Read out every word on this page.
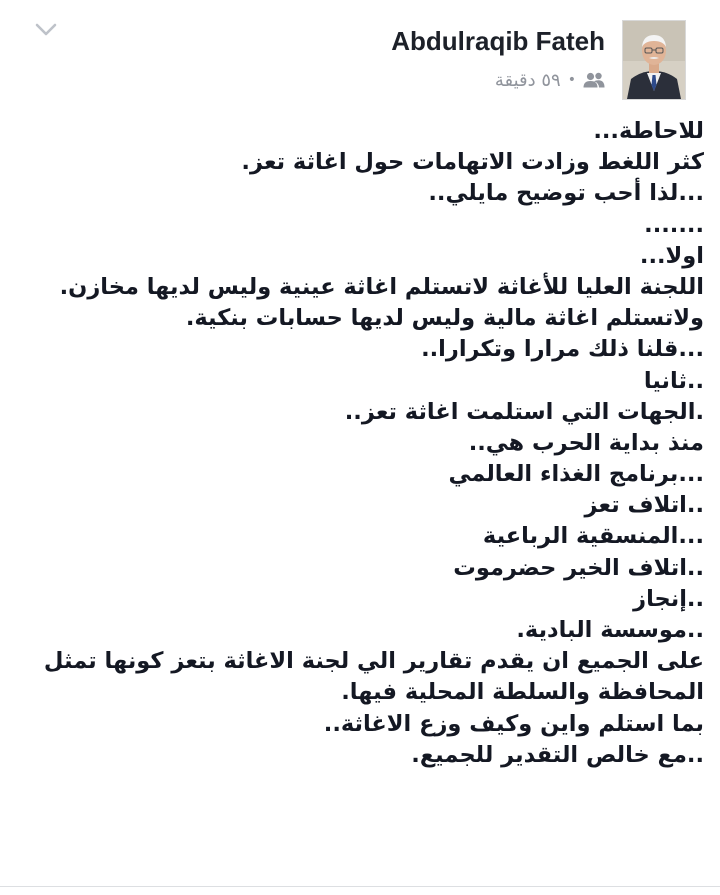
Abdulraqib Fateh
٥٩ دقيقة •
للاحاطة...
كثر اللغط وزادت الاتهامات حول اغاثة تعز.
...لذا أحب توضيح مايلي..
.......
اولا...
اللجنة العليا للأغاثة لاتستلم اغاثة عينية وليس لديها مخازن.
ولاتستلم اغاثة مالية وليس لديها حسابات بنكية.
...قلنا ذلك مرارا وتكرارا..
..ثانيا
.الجهات التي استلمت اغاثة تعز..
منذ بداية الحرب هي..
...برنامج الغذاء العالمي
..اتلاف تعز
...المنسقية الرباعية
..اتلاف الخير حضرموت
..إنجاز
..موسسة البادية.
على الجميع ان يقدم تقارير الي لجنة الاغاثة بتعز كونها تمثل
المحافظة والسلطة المحلية فيها.
بما استلم واين وكيف وزع الاغاثة..
..مع خالص التقدير للجميع.
